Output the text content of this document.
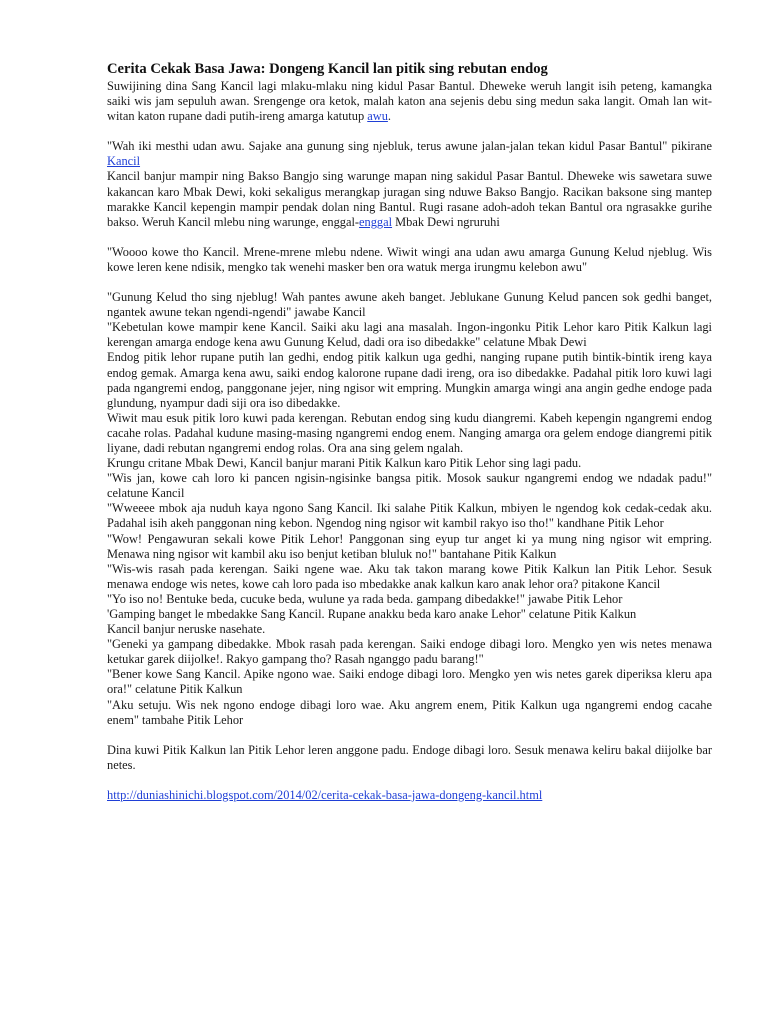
Cerita Cekak Basa Jawa: Dongeng Kancil lan pitik sing rebutan endog

Suwijining dina Sang Kancil lagi mlaku-mlaku ning kidul Pasar Bantul. Dheweke weruh langit isih peteng, kamangka saiki wis jam sepuluh awan. Srengenge ora ketok, malah katon ana sejenis debu sing medun saka langit. Omah lan wit-witan katon rupane dadi putih-ireng amarga katutup awu.

"Wah iki mesthi udan awu. Sajake ana gunung sing njebluk, terus awune jalan-jalan tekan kidul Pasar Bantul" pikirane Kancil

Kancil banjur mampir ning Bakso Bangjo sing warunge mapan ning sakidul Pasar Bantul. Dheweke wis sawetara suwe kakancan karo Mbak Dewi, koki sekaligus merangkap juragan sing nduwe Bakso Bangjo. Racikan baksone sing mantep marakke Kancil kepengin mampir pendak dolan ning Bantul. Rugi rasane adoh-adoh tekan Bantul ora ngrasakke gurihe bakso. Weruh Kancil mlebu ning warunge, enggal-enggal Mbak Dewi ngruruhi

"Woooo kowe tho Kancil. Mrene-mrene mlebu ndene. Wiwit wingi ana udan awu amarga Gunung Kelud njeblug. Wis kowe leren kene ndisik, mengko tak wenehi masker ben ora watuk merga irungmu kelebon awu"

"Gunung Kelud tho sing njeblug! Wah pantes awune akeh banget. Jeblukane Gunung Kelud pancen sok gedhi banget, ngantek awune tekan ngendi-ngendi" jawabe Kancil

"Kebetulan kowe mampir kene Kancil. Saiki aku lagi ana masalah. Ingon-ingonku Pitik Lehor karo Pitik Kalkun lagi kerengan amarga endoge kena awu Gunung Kelud, dadi ora iso dibedakke" celatune Mbak Dewi

Endog pitik lehor rupane putih lan gedhi, endog pitik kalkun uga gedhi, nanging rupane putih bintik-bintik ireng kaya endog gemak. Amarga kena awu, saiki endog kalorone rupane dadi ireng, ora iso dibedakke. Padahal pitik loro kuwi lagi pada ngangremi endog, panggonane jejer, ning ngisor wit empring. Mungkin amarga wingi ana angin gedhe endoge pada glundung, nyampur dadi siji ora iso dibedakke.

Wiwit mau esuk pitik loro kuwi pada kerengan. Rebutan endog sing kudu diangremi. Kabeh kepengin ngangremi endog cacahe rolas. Padahal kudune masing-masing ngangremi endog enem. Nanging amarga ora gelem endoge diangremi pitik liyane, dadi rebutan ngangremi endog rolas. Ora ana sing gelem ngalah.

Krungu critane Mbak Dewi, Kancil banjur marani Pitik Kalkun karo Pitik Lehor sing lagi padu.

"Wis jan, kowe cah loro ki pancen ngisin-ngisinke bangsa pitik. Mosok saukur ngangremi endog we ndadak padu!" celatune Kancil

"Wweeee mbok aja nuduh kaya ngono Sang Kancil. Iki salahe Pitik Kalkun, mbiyen le ngendog kok cedak-cedak aku. Padahal isih akeh panggonan ning kebon. Ngendog ning ngisor wit kambil rakyo iso tho!" kandhane Pitik Lehor

"Wow! Pengawuran sekali kowe Pitik Lehor! Panggonan sing eyup tur anget ki ya mung ning ngisor wit empring. Menawa ning ngisor wit kambil aku iso benjut ketiban bluluk no!" bantahane Pitik Kalkun

"Wis-wis rasah pada kerengan. Saiki ngene wae. Aku tak takon marang kowe Pitik Kalkun lan Pitik Lehor. Sesuk menawa endoge wis netes, kowe cah loro pada iso mbedakke anak kalkun karo anak lehor ora? pitakone Kancil

"Yo iso no! Bentuke beda, cucuke beda, wulune ya rada beda. gampang dibedakke!" jawabe Pitik Lehor

'Gamping banget le mbedakke Sang Kancil. Rupane anakku beda karo anake Lehor" celatune Pitik Kalkun

Kancil banjur neruske nasehate.

"Geneki ya gampang dibedakke. Mbok rasah pada kerengan. Saiki endoge dibagi loro. Mengko yen wis netes menawa ketukar garek diijolke!. Rakyo gampang tho? Rasah nganggo padu barang!"

"Bener kowe Sang Kancil. Apike ngono wae. Saiki endoge dibagi loro. Mengko yen wis netes garek diperiksa kleru apa ora!" celatune Pitik Kalkun

"Aku setuju. Wis nek ngono endoge dibagi loro wae. Aku angrem enem, Pitik Kalkun uga ngangremi endog cacahe enem" tambahe Pitik Lehor

Dina kuwi Pitik Kalkun lan Pitik Lehor leren anggone padu. Endoge dibagi loro. Sesuk menawa keliru bakal diijolke bar netes.

http://duniashinichi.blogspot.com/2014/02/cerita-cekak-basa-jawa-dongeng-kancil.html
